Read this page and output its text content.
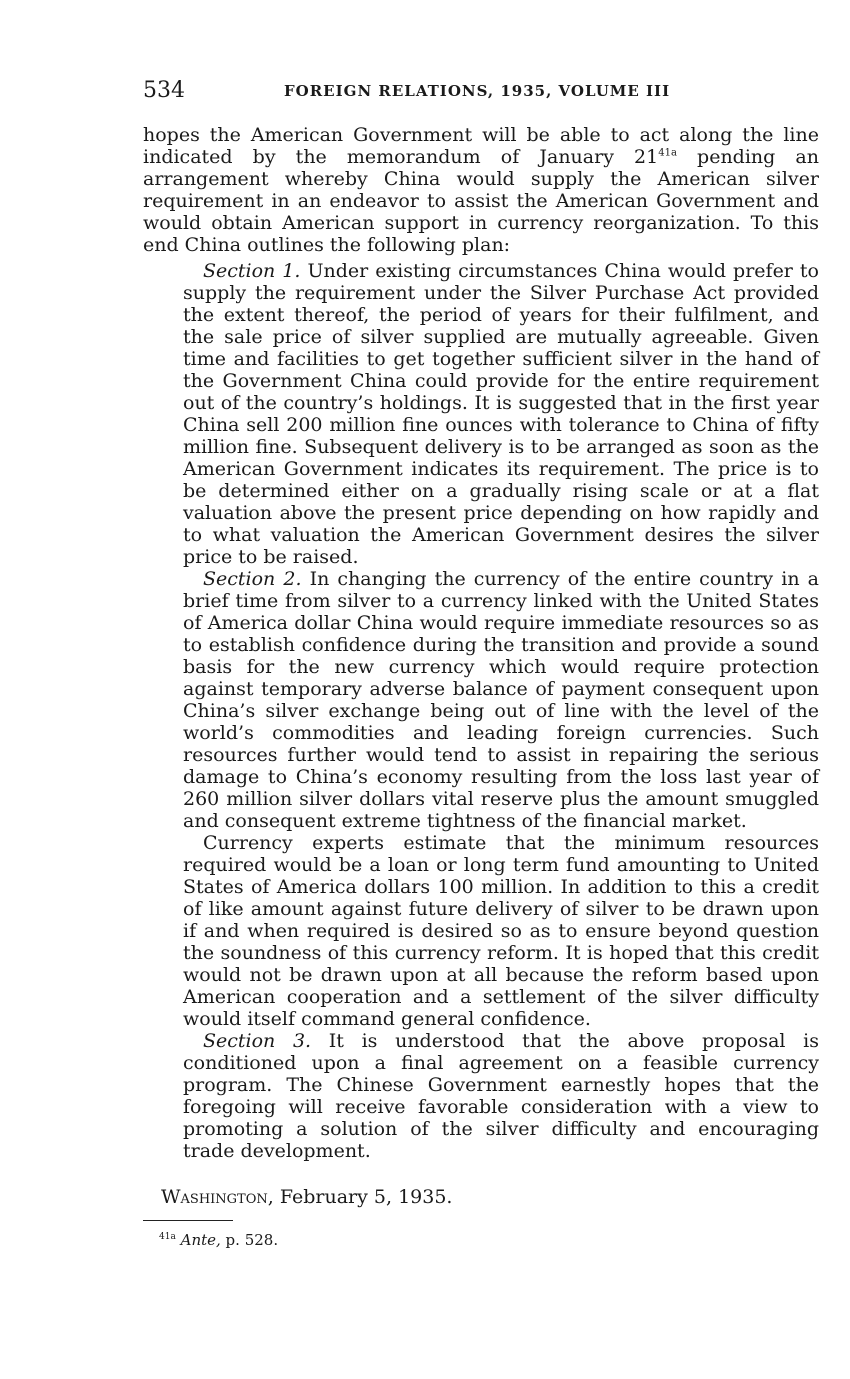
534	FOREIGN RELATIONS, 1935, VOLUME III

hopes the American Government will be able to act along the line indicated by the memorandum of January 21$^{41a}$ pending an arrangement whereby China would supply the American silver requirement in an endeavor to assist the American Government and would obtain American support in currency reorganization. To this end China outlines the following plan:

Section 1. Under existing circumstances China would prefer to supply the requirement under the Silver Purchase Act provided the extent thereof, the period of years for their fulfilment, and the sale price of silver supplied are mutually agreeable. Given time and facilities to get together sufficient silver in the hand of the Government China could provide for the entire requirement out of the country’s holdings. It is suggested that in the first year China sell 200 million fine ounces with tolerance to China of fifty million fine. Subsequent delivery is to be arranged as soon as the American Government indicates its requirement. The price is to be determined either on a gradually rising scale or at a flat valuation above the present price depending on how rapidly and to what valuation the American Government desires the silver price to be raised.

Section 2. In changing the currency of the entire country in a brief time from silver to a currency linked with the United States of America dollar China would require immediate resources so as to establish confidence during the transition and provide a sound basis for the new currency which would require protection against temporary adverse balance of payment consequent upon China’s silver exchange being out of line with the level of the world’s commodities and leading foreign currencies. Such resources further would tend to assist in repairing the serious damage to China’s economy resulting from the loss last year of 260 million silver dollars vital reserve plus the amount smuggled and consequent extreme tightness of the financial market.

Currency experts estimate that the minimum resources required would be a loan or long term fund amounting to United States of America dollars 100 million. In addition to this a credit of like amount against future delivery of silver to be drawn upon if and when required is desired so as to ensure beyond question the soundness of this currency reform. It is hoped that this credit would not be drawn upon at all because the reform based upon American cooperation and a settlement of the silver difficulty would itself command general confidence.

Section 3. It is understood that the above proposal is conditioned upon a final agreement on a feasible currency program. The Chinese Government earnestly hopes that the foregoing will receive favorable consideration with a view to promoting a solution of the silver difficulty and encouraging trade development.

Washington, February 5, 1935.
$^{41a}$ Ante, p. 528.
